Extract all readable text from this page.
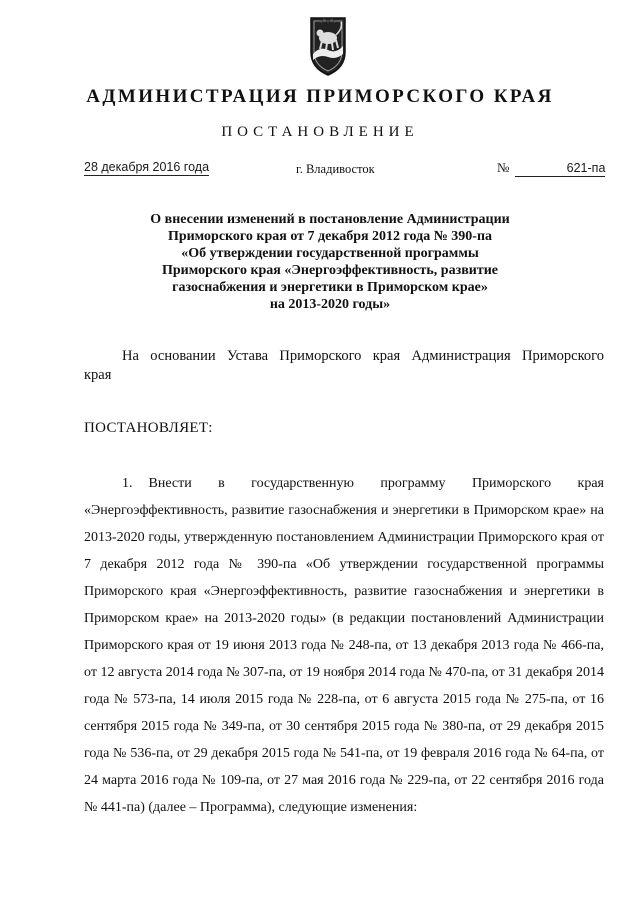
АДМИНИСТРАЦИЯ ПРИМОРСКОГО КРАЯ
ПОСТАНОВЛЕНИЕ
28 декабря 2016 года	г. Владивосток	№	621-па
О внесении изменений в постановление Администрации
Приморского края от 7 декабря 2012 года № 390-па
«Об утверждении государственной программы
Приморского края «Энергоэффективность, развитие
газоснабжения и энергетики в Приморском крае»
на 2013-2020 годы»
На основании Устава Приморского края Администрация Приморского
края
ПОСТАНОВЛЯЕТ:
1. Внести в государственную программу Приморского края «Энергоэффективность, развитие газоснабжения и энергетики в Приморском крае» на 2013-2020 годы, утвержденную постановлением Администрации Приморского края от 7 декабря 2012 года № 390-па «Об утверждении государственной программы Приморского края «Энергоэффективность, развитие газоснабжения и энергетики в Приморском крае» на 2013-2020 годы» (в редакции постановлений Администрации Приморского края от 19 июня 2013 года № 248-па, от 13 декабря 2013 года № 466-па, от 12 августа 2014 года № 307-па, от 19 ноября 2014 года № 470-па, от 31 декабря 2014 года № 573-па, 14 июля 2015 года № 228-па, от 6 августа 2015 года № 275-па, от 16 сентября 2015 года № 349-па, от 30 сентября 2015 года № 380-па, от 29 декабря 2015 года № 536-па, от 29 декабря 2015 года № 541-па, от 19 февраля 2016 года № 64-па, от 24 марта 2016 года № 109-па, от 27 мая 2016 года № 229-па, от 22 сентября 2016 года № 441-па) (далее – Программа), следующие изменения:
